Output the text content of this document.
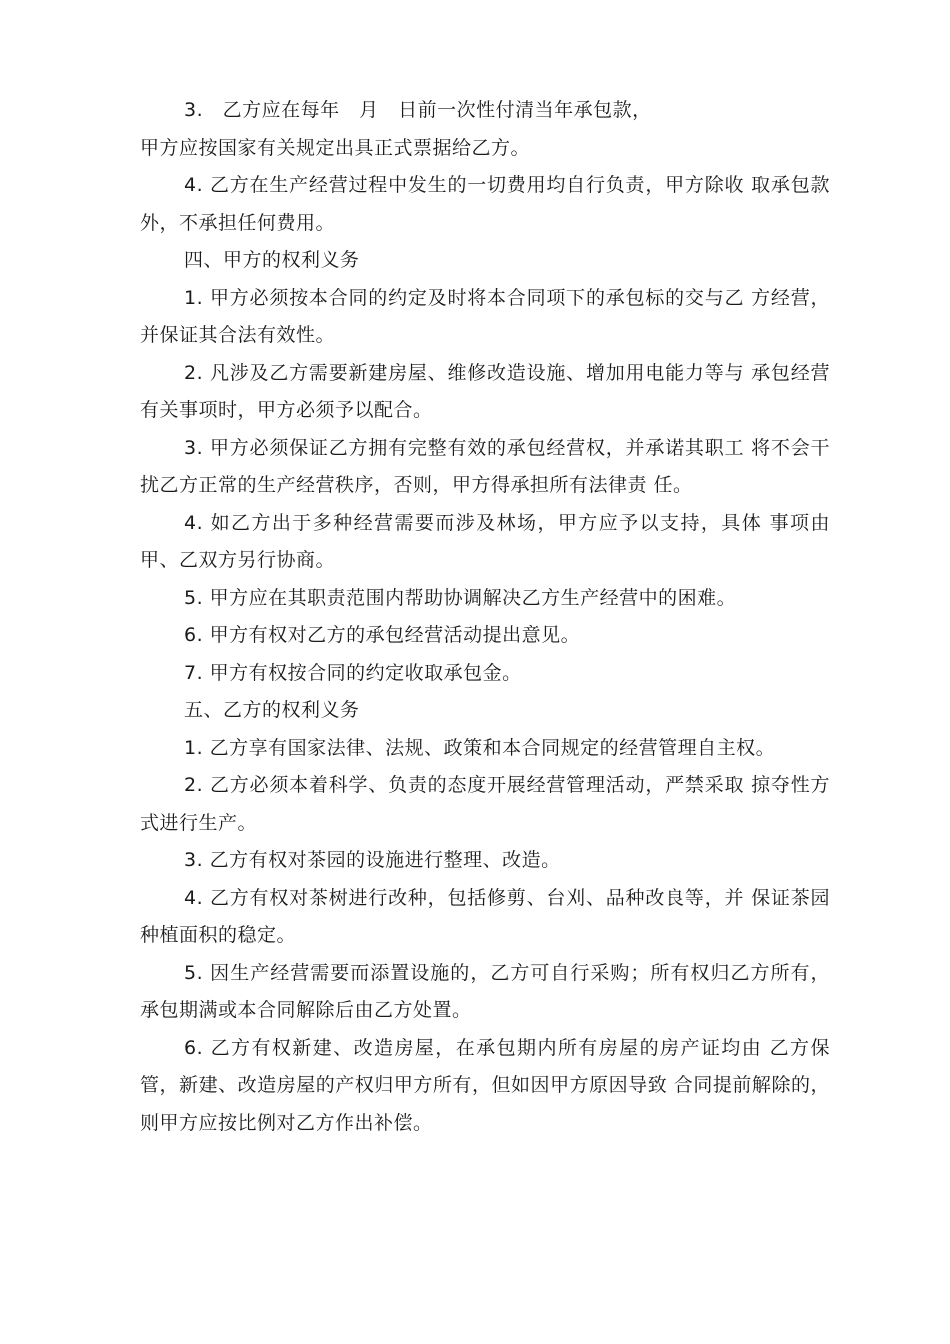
3.　乙方应在每年　月　日前一次性付清当年承包款，

甲方应按国家有关规定出具正式票据给乙方。

4. 乙方在生产经营过程中发生的一切费用均自行负责，甲方除收 取承包款外，不承担任何费用。

四、甲方的权利义务

1. 甲方必须按本合同的约定及时将本合同项下的承包标的交与乙 方经营，并保证其合法有效性。

2. 凡涉及乙方需要新建房屋、维修改造设施、增加用电能力等与 承包经营有关事项时，甲方必须予以配合。

3. 甲方必须保证乙方拥有完整有效的承包经营权，并承诺其职工 将不会干扰乙方正常的生产经营秩序，否则，甲方得承担所有法律责 任。

4. 如乙方出于多种经营需要而涉及林场，甲方应予以支持，具体 事项由甲、乙双方另行协商。

5. 甲方应在其职责范围内帮助协调解决乙方生产经营中的困难。

6. 甲方有权对乙方的承包经营活动提出意见。

7. 甲方有权按合同的约定收取承包金。

五、乙方的权利义务

1. 乙方享有国家法律、法规、政策和本合同规定的经营管理自主权。

2. 乙方必须本着科学、负责的态度开展经营管理活动，严禁采取 掠夺性方式进行生产。

3. 乙方有权对茶园的设施进行整理、改造。

4. 乙方有权对茶树进行改种，包括修剪、台刈、品种改良等，并 保证茶园种植面积的稳定。

5. 因生产经营需要而添置设施的，乙方可自行采购；所有权归乙方所有，承包期满或本合同解除后由乙方处置。

6. 乙方有权新建、改造房屋，在承包期内所有房屋的房产证均由 乙方保管，新建、改造房屋的产权归甲方所有，但如因甲方原因导致 合同提前解除的，则甲方应按比例对乙方作出补偿。
